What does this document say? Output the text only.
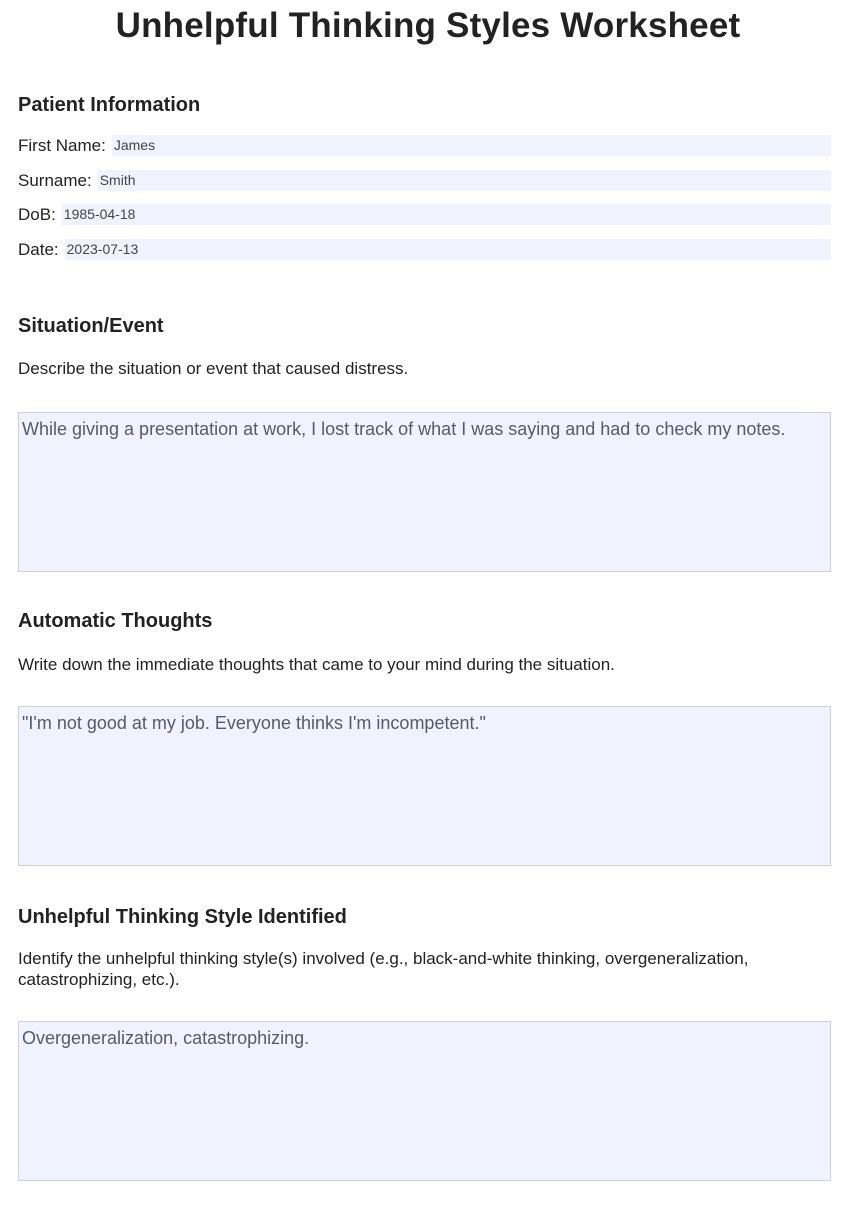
Unhelpful Thinking Styles Worksheet
Patient Information
First Name:
James
Surname:
Smith
DoB:
1985-04-18
Date:
2023-07-13
Situation/Event

Describe the situation or event that caused distress.

While giving a presentation at work, I lost track of what I was saying and had to check my notes.
Automatic Thoughts

Write down the immediate thoughts that came to your mind during the situation.

"I'm not good at my job. Everyone thinks I'm incompetent."
Unhelpful Thinking Style Identified

Identify the unhelpful thinking style(s) involved (e.g., black-and-white thinking, overgeneralization, catastrophizing, etc.).

Overgeneralization, catastrophizing.
